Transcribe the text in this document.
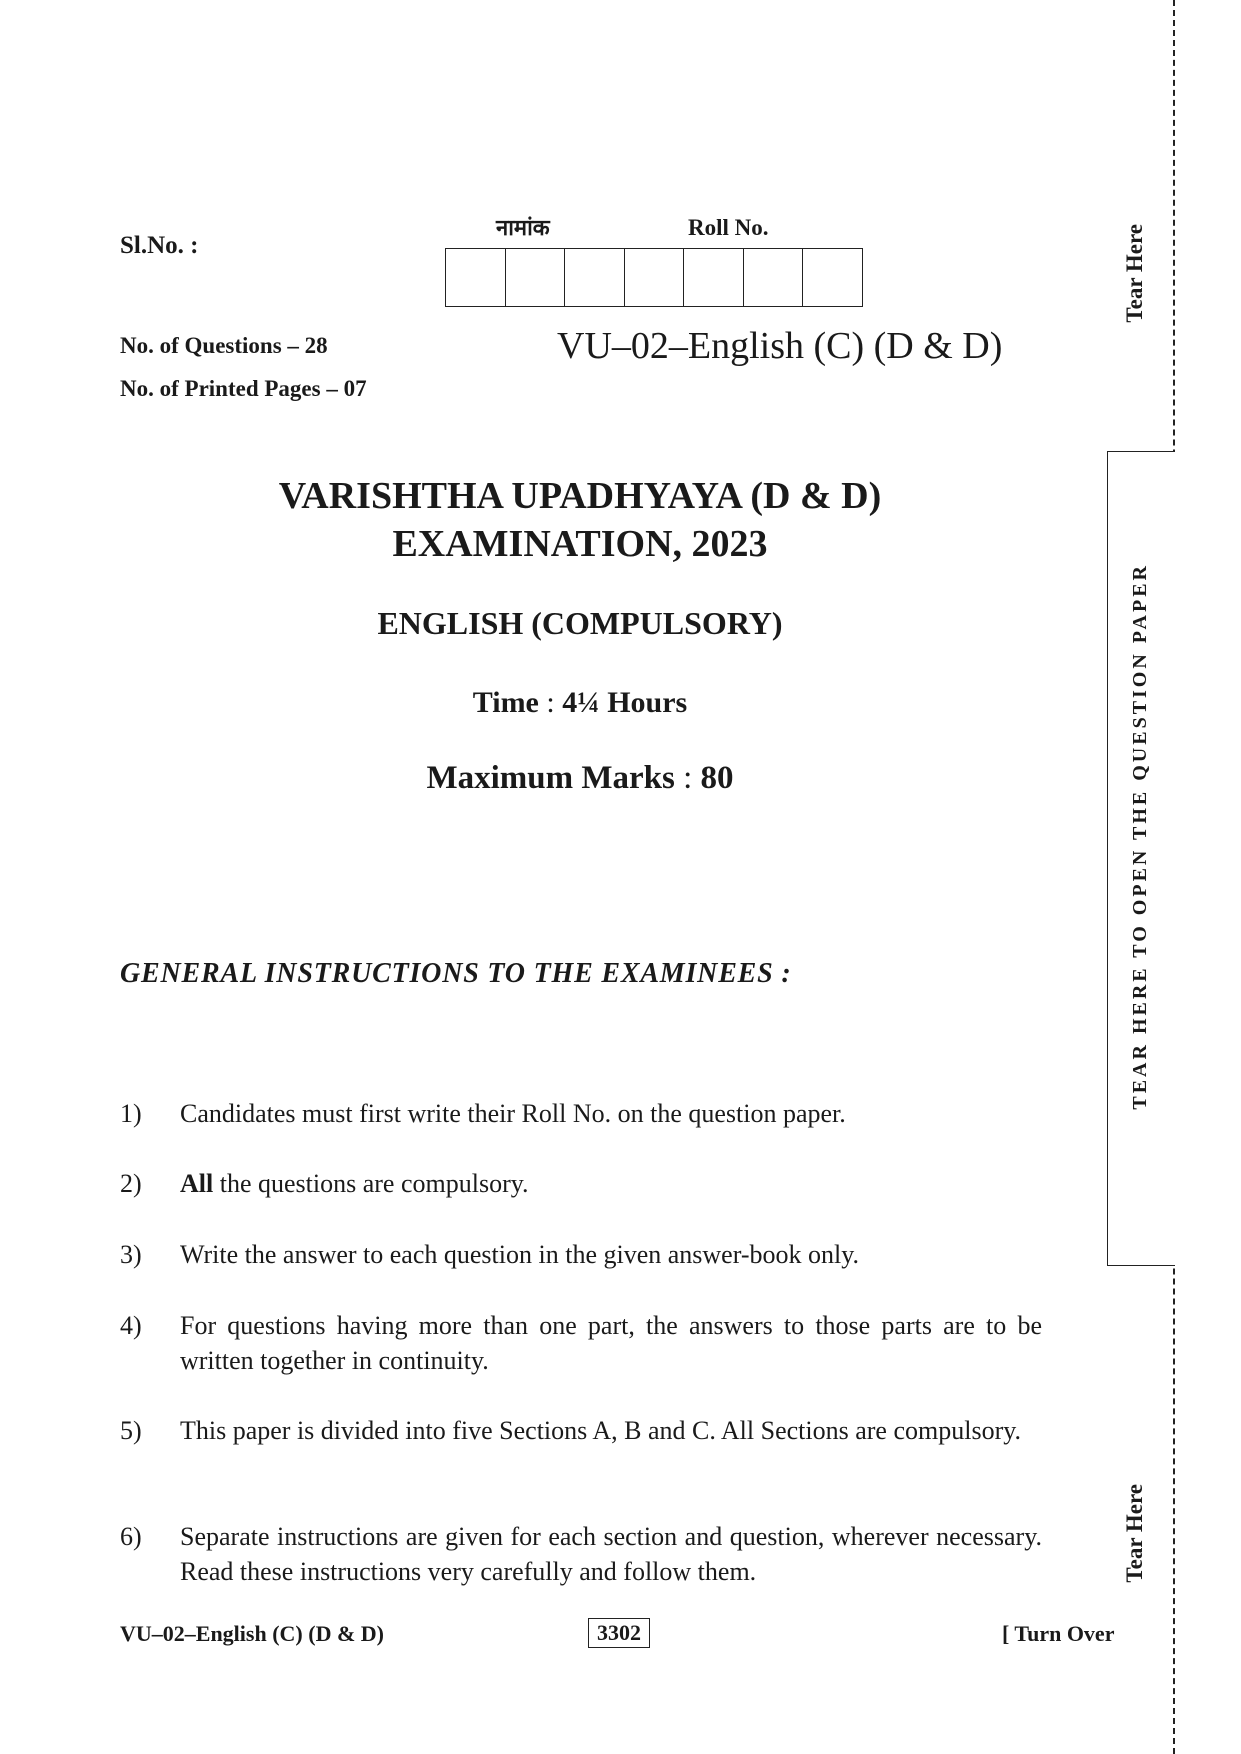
Sl.No. :
नामांक	Roll No.
No. of Questions – 28
No. of Printed Pages – 07
VU–02–English (C) (D & D)
VARISHTHA UPADHYAYA (D & D)
EXAMINATION, 2023
ENGLISH (COMPULSORY)
Time : 4¼ Hours
Maximum Marks : 80
GENERAL INSTRUCTIONS TO THE EXAMINEES :
1)	Candidates must first write their Roll No. on the question paper.
2)	All the questions are compulsory.
3)	Write the answer to each question in the given answer-book only.
4)	For questions having more than one part, the answers to those parts are to be written together in continuity.
5)	This paper is divided into five Sections A, B and C. All Sections are compulsory.
6)	Separate instructions are given for each section and question, wherever necessary. Read these instructions very carefully and follow them.
VU–02–English (C) (D & D)	3302	[ Turn Over
Tear Here
TEAR HERE TO OPEN THE QUESTION PAPER
Tear Here
